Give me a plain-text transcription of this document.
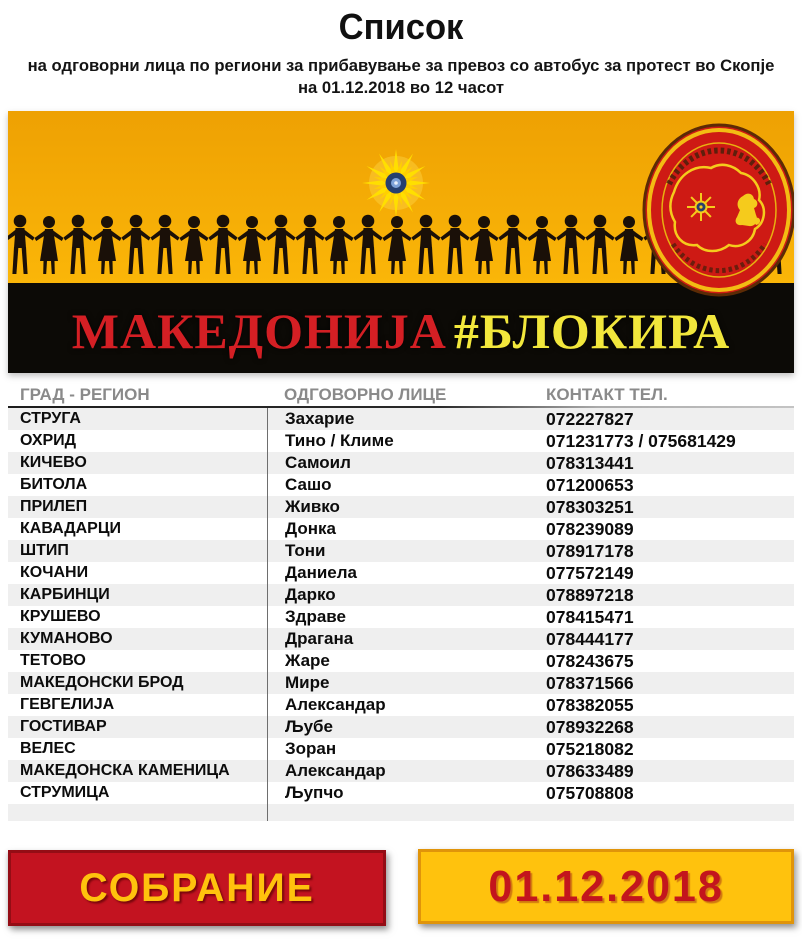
Список
на одговорни лица по региони за прибавување за превоз со автобус за протест во Скопје
на 01.12.2018 во 12 часот
МАКЕДОНИЈА #БЛОКИРА
ГРАД - РЕГИОН	ОДГОВОРНО ЛИЦЕ	КОНТАКТ ТЕЛ.
СТРУГА	Захарие	072227827
ОХРИД	Тино / Климе	071231773 / 075681429
КИЧЕВО	Самоил	078313441
БИТОЛА	Сашо	071200653
ПРИЛЕП	Живко	078303251
КАВАДАРЦИ	Донка	078239089
ШТИП	Тони	078917178
КОЧАНИ	Даниела	077572149
КАРБИНЦИ	Дарко	078897218
КРУШЕВО	Здраве	078415471
КУМАНОВО	Драгана	078444177
ТЕТОВО	Жаре	078243675
МАКЕДОНСКИ БРОД	Мире	078371566
ГЕВГЕЛИЈА	Александар	078382055
ГОСТИВАР	Љубе	078932268
ВЕЛЕС	Зоран	075218082
МАКЕДОНСКА КАМЕНИЦА	Александар	078633489
СТРУМИЦА	Љупчо	075708808
СОБРАНИЕ	01.12.2018
